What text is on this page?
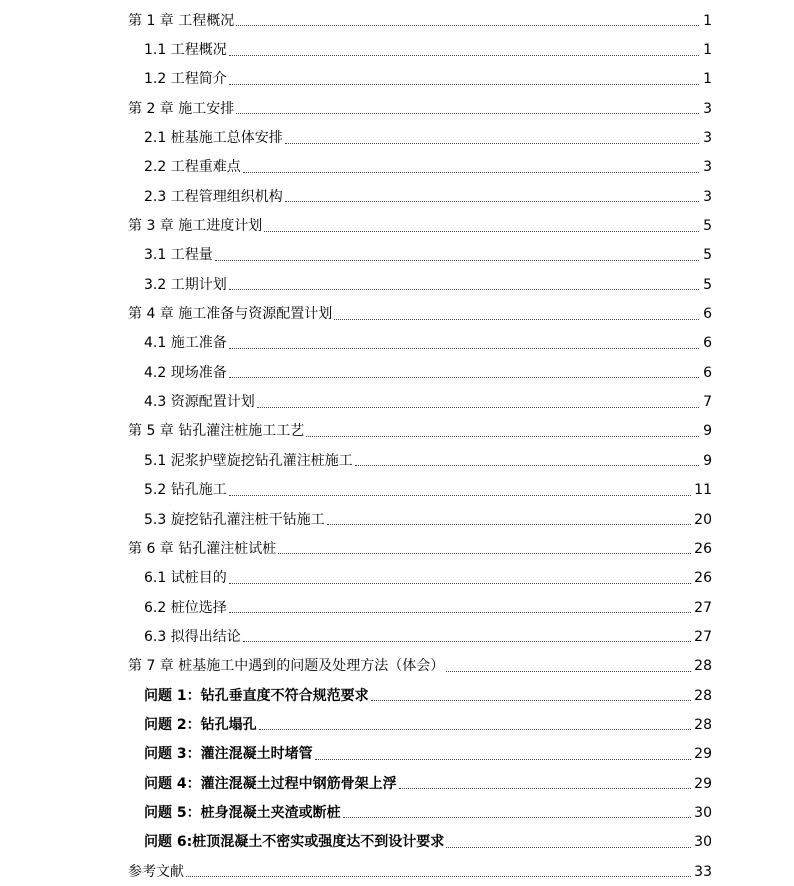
第 1 章 工程概况	1
1.1 工程概况	1
1.2 工程简介	1
第 2 章 施工安排	3
2.1 桩基施工总体安排	3
2.2 工程重难点	3
2.3 工程管理组织机构	3
第 3 章 施工进度计划	5
3.1 工程量	5
3.2 工期计划	5
第 4 章 施工准备与资源配置计划	6
4.1 施工准备	6
4.2 现场准备	6
4.3 资源配置计划	7
第 5 章 钻孔灌注桩施工工艺	9
5.1 泥浆护壁旋挖钻孔灌注桩施工	9
5.2 钻孔施工	11
5.3 旋挖钻孔灌注桩干钻施工	20
第 6 章 钻孔灌注桩试桩	26
6.1 试桩目的	26
6.2 桩位选择	27
6.3 拟得出结论	27
第 7 章 桩基施工中遇到的问题及处理方法（体会）	28
问题 1：钻孔垂直度不符合规范要求	28
问题 2：钻孔塌孔	28
问题 3：灌注混凝土时堵管	29
问题 4：灌注混凝土过程中钢筋骨架上浮	29
问题 5：桩身混凝土夹渣或断桩	30
问题 6:桩顶混凝土不密实或强度达不到设计要求	30
参考文献	33
